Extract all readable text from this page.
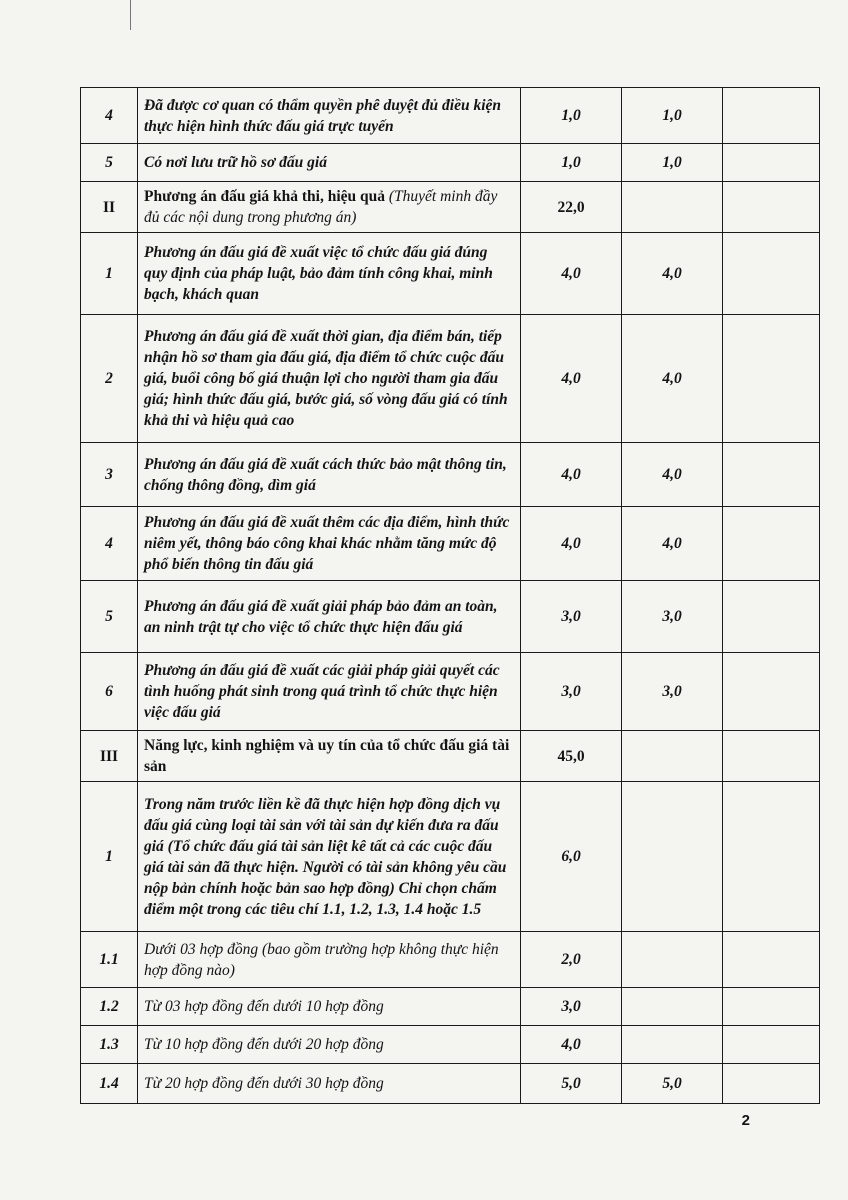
4	Đã được cơ quan có thẩm quyền phê duyệt đủ điều kiện thực hiện hình thức đấu giá trực tuyến	1,0	1,0	
5	Có nơi lưu trữ hồ sơ đấu giá	1,0	1,0	
II	Phương án đấu giá khả thi, hiệu quả (Thuyết minh đầy đủ các nội dung trong phương án)	22,0		
1	Phương án đấu giá đề xuất việc tổ chức đấu giá đúng quy định của pháp luật, bảo đảm tính công khai, minh bạch, khách quan	4,0	4,0	
2	Phương án đấu giá đề xuất thời gian, địa điểm bán, tiếp nhận hồ sơ tham gia đấu giá, địa điểm tổ chức cuộc đấu giá, buổi công bố giá thuận lợi cho người tham gia đấu giá; hình thức đấu giá, bước giá, số vòng đấu giá có tính khả thi và hiệu quả cao	4,0	4,0	
3	Phương án đấu giá đề xuất cách thức bảo mật thông tin, chống thông đồng, dìm giá	4,0	4,0	
4	Phương án đấu giá đề xuất thêm các địa điểm, hình thức niêm yết, thông báo công khai khác nhằm tăng mức độ phổ biến thông tin đấu giá	4,0	4,0	
5	Phương án đấu giá đề xuất giải pháp bảo đảm an toàn, an ninh trật tự cho việc tổ chức thực hiện đấu giá	3,0	3,0	
6	Phương án đấu giá đề xuất các giải pháp giải quyết các tình huống phát sinh trong quá trình tổ chức thực hiện việc đấu giá	3,0	3,0	
III	Năng lực, kinh nghiệm và uy tín của tổ chức đấu giá tài sản	45,0		
1	Trong năm trước liền kề đã thực hiện hợp đồng dịch vụ đấu giá cùng loại tài sản với tài sản dự kiến đưa ra đấu giá (Tổ chức đấu giá tài sản liệt kê tất cả các cuộc đấu giá tài sản đã thực hiện. Người có tài sản không yêu cầu nộp bản chính hoặc bản sao hợp đồng) Chỉ chọn chấm điểm một trong các tiêu chí 1.1, 1.2, 1.3, 1.4 hoặc 1.5	6,0		
1.1	Dưới 03 hợp đồng (bao gồm trường hợp không thực hiện hợp đồng nào)	2,0		
1.2	Từ 03 hợp đồng đến dưới 10 hợp đồng	3,0		
1.3	Từ 10 hợp đồng đến dưới 20 hợp đồng	4,0		
1.4	Từ 20 hợp đồng đến dưới 30 hợp đồng	5,0	5,0	
2
